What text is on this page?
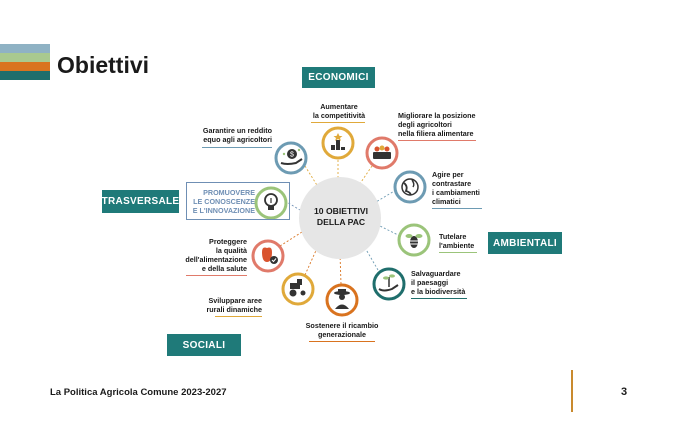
Obiettivi
$
10 OBIETTIVI
DELLA PAC
ECONOMICI
TRASVERSALE
AMBIENTALI
SOCIALI
Aumentare
la competitività	Migliorare la posizione
degli agricoltori
nella filiera alimentare
Agire per
contrastare
i cambiamenti
climatici
Tutelare
l'ambiente
Salvaguardare
il paesaggi
e la biodiversità
Sostenere il ricambio
generazionale
Sviluppare aree
rurali dinamiche
Proteggere
la qualità
dell'alimentazione
e della salute
PROMUOVERE
LE CONOSCENZE
E L'INNOVAZIONE
Garantire un reddito
equo agli agricoltori
La Politica Agricola Comune 2023-2027	3
